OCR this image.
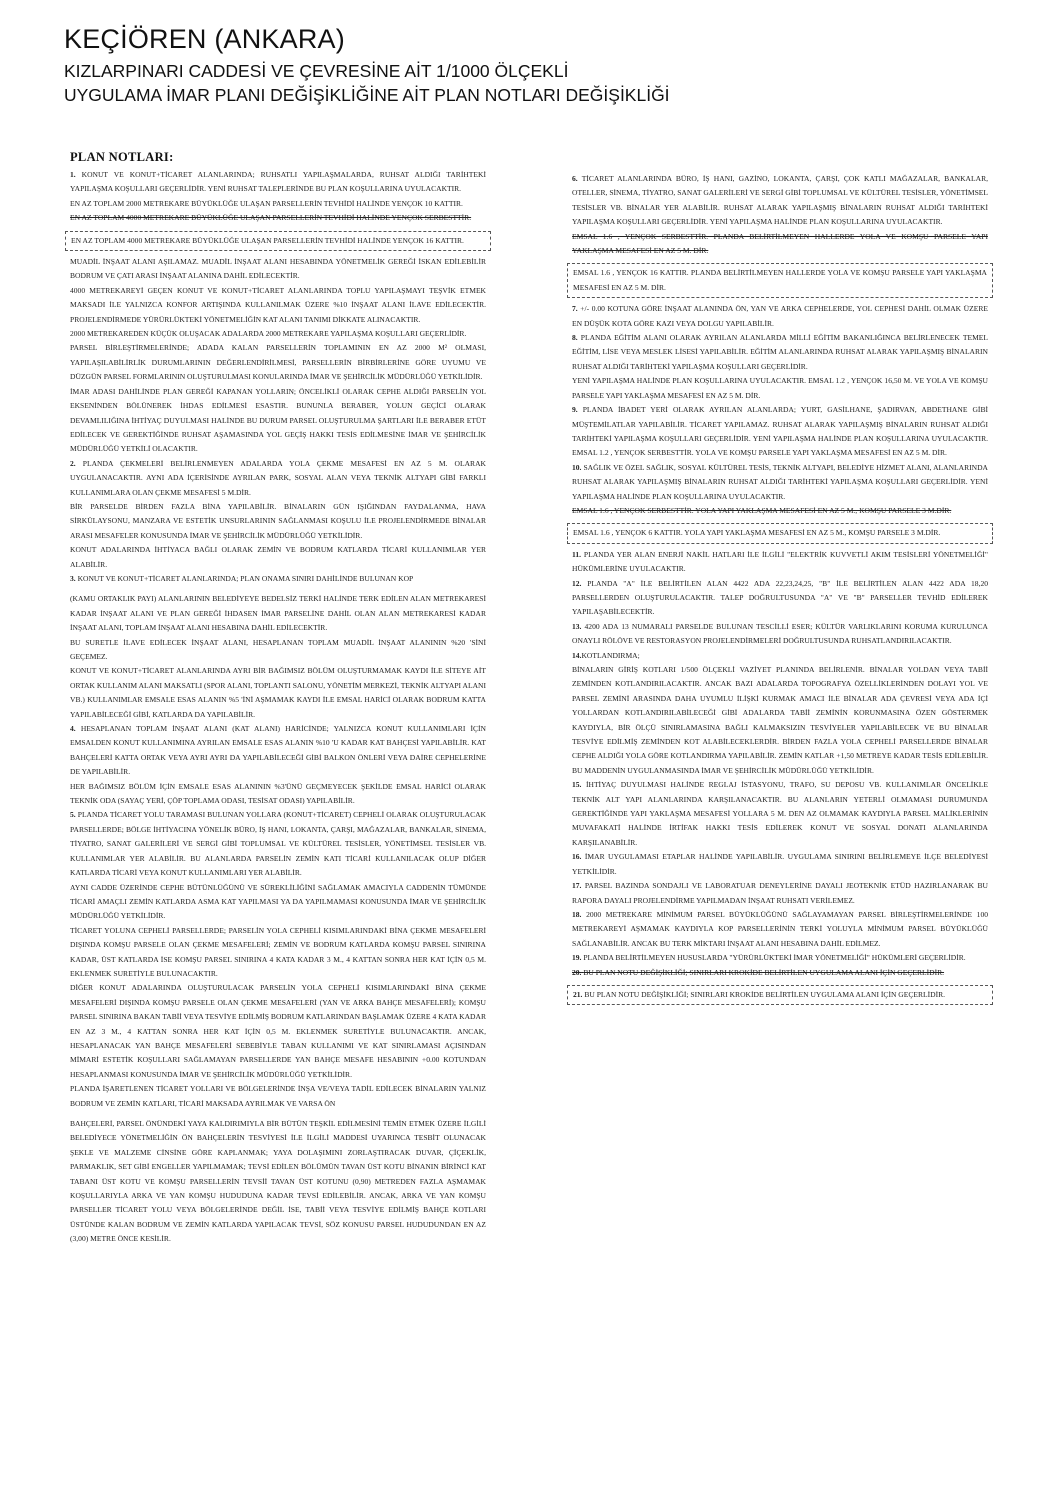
KEÇİÖREN (ANKARA)
KIZLARPINARI CADDESİ VE ÇEVRESİNE AİT 1/1000 ÖLÇEKLİ
UYGULAMA İMAR PLANI DEĞİŞİKLİĞİNE AİT PLAN NOTLARI DEĞİŞİKLİĞİ
PLAN NOTLARI:

1. KONUT VE KONUT+TİCARET ALANLARINDA; RUHSATLI YAPILAŞMALARDA, RUHSAT ALDIĞI TARİHTEKİ YAPILAŞMA KOŞULLARI GEÇERLİDİR. YENİ RUHSAT TALEPLERİNDE BU PLAN KOŞULLARINA UYULACAKTIR.

EN AZ TOPLAM 2000 METREKARE BÜYÜKLÜĞE ULAŞAN PARSELLERİN TEVHİDİ HALİNDE YENÇOK 10 KATTIR.

EN AZ TOPLAM 4000 METREKARE BÜYÜKLÜĞE ULAŞAN PARSELLERİN TEVHİDİ HALİNDE YENÇOK SERBESTTİR.

EN AZ TOPLAM 4000 METREKARE BÜYÜKLÜĞE ULAŞAN PARSELLERİN TEVHİDİ HALİNDE YENÇOK 16 KATTIR.

MUADİL İNŞAAT ALANI AŞILAMAZ. MUADİL İNŞAAT ALANI HESABINDA YÖNETMELİK GEREĞİ İSKAN EDİLEBİLİR BODRUM VE ÇATI ARASI İNŞAAT ALANINA DAHİL EDİLECEKTİR.

4000 METREKAREYİ GEÇEN KONUT VE KONUT+TİCARET ALANLARINDA TOPLU YAPILAŞMAYI TEŞVİK ETMEK MAKSADI İLE YALNIZCA KONFOR ARTIŞINDA KULLANILMAK ÜZERE %10 İNŞAAT ALANI İLAVE EDİLECEKTİR. PROJELENDİRMEDE YÜRÜRLÜKTEKİ YÖNETMELİĞİN KAT ALANI TANIMI DİKKATE ALINACAKTIR.

2000 METREKAREDEN KÜÇÜK OLUŞACAK ADALARDA 2000 METREKARE YAPILAŞMA KOŞULLARI GEÇERLİDİR.

PARSEL BİRLEŞTİRMELERİNDE; ADADA KALAN PARSELLERİN TOPLAMININ EN AZ 2000 M² OLMASI, YAPILAŞILABİLİRLİK DURUMLARININ DEĞERLENDİRİLMESİ, PARSELLERİN BİRBİRLERİNE GÖRE UYUMU VE DÜZGÜN PARSEL FORMLARININ OLUŞTURULMASI KONULARINDA İMAR VE ŞEHİRCİLİK MÜDÜRLÜĞÜ YETKİLİDİR.

İMAR ADASI DAHİLİNDE PLAN GEREĞİ KAPANAN YOLLARIN; ÖNCELİKLİ OLARAK CEPHE ALDIĞI PARSELİN YOL EKSENİNDEN BÖLÜNEREK İHDAS EDİLMESİ ESASTIR. BUNUNLA BERABER, YOLUN GEÇİCİ OLARAK DEVAMLILIĞINA İHTİYAÇ DUYULMASI HALİNDE BU DURUM PARSEL OLUŞTURULMA ŞARTLARI İLE BERABER ETÜT EDİLECEK VE GEREKTİĞİNDE RUHSAT AŞAMASINDA YOL GEÇİŞ HAKKI TESİS EDİLMESİNE İMAR VE ŞEHİRCİLİK MÜDÜRLÜĞÜ YETKİLİ OLACAKTIR.

2. PLANDA ÇEKMELERİ BELİRLENMEYEN ADALARDA YOLA ÇEKME MESAFESİ EN AZ 5 M. OLARAK UYGULANACAKTIR. AYNI ADA İÇERİSİNDE AYRILAN PARK, SOSYAL ALAN VEYA TEKNİK ALTYAPI GİBİ FARKLI KULLANIMLARA OLAN ÇEKME MESAFESİ 5 M.DİR.

BİR PARSELDE BİRDEN FAZLA BİNA YAPILABİLİR. BİNALARIN GÜN IŞIĞINDAN FAYDALANMA, HAVA SİRKÜLAYSONU, MANZARA VE ESTETİK UNSURLARININ SAĞLANMASI KOŞULU İLE PROJELENDİRMEDE BİNALAR ARASI MESAFELER KONUSUNDA İMAR VE ŞEHİRCİLİK MÜDÜRLÜĞÜ YETKİLİDİR.

KONUT ADALARINDA İHTİYACA BAĞLI OLARAK ZEMİN VE BODRUM KATLARDA TİCARİ KULLANIMLAR YER ALABİLİR.

3. KONUT VE KONUT+TİCARET ALANLARINDA; PLAN ONAMA SINIRI DAHİLİNDE BULUNAN KOP

(KAMU ORTAKLIK PAYI) ALANLARININ BELEDİYEYE BEDELSİZ TERKİ HALİNDE TERK EDİLEN ALAN METREKARESİ KADAR İNŞAAT ALANI VE PLAN GEREĞİ İHDASEN İMAR PARSELİNE DAHİL OLAN ALAN METREKARESİ KADAR İNŞAAT ALANI, TOPLAM İNŞAAT ALANI HESABINA DAHİL EDİLECEKTİR.

BU SURETLE İLAVE EDİLECEK İNŞAAT ALANI, HESAPLANAN TOPLAM MUADİL İNŞAAT ALANININ %20 'SİNİ GEÇEMEZ.

KONUT VE KONUT+TİCARET ALANLARINDA AYRI BİR BAĞIMSIZ BÖLÜM OLUŞTURMAMAK KAYDI İLE SİTEYE AİT ORTAK KULLANIM ALANI MAKSATLI (SPOR ALANI, TOPLANTI SALONU, YÖNETİM MERKEZİ, TEKNİK ALTYAPI ALANI VB.) KULLANIMLAR EMSALE ESAS ALANIN %5 'İNİ AŞMAMAK KAYDI İLE EMSAL HARİCİ OLARAK BODRUM KATTA YAPILABİLECEĞİ GİBİ, KATLARDA DA YAPILABİLİR.

4. HESAPLANAN TOPLAM İNŞAAT ALANI (KAT ALANI) HARİCİNDE; YALNIZCA KONUT KULLANIMLARI İÇİN EMSALDEN KONUT KULLANIMINA AYRILAN EMSALE ESAS ALANIN %10 'U KADAR KAT BAHÇESİ YAPILABİLİR. KAT BAHÇELERİ KATTA ORTAK VEYA AYRI AYRI DA YAPILABİLECEĞİ GİBİ BALKON ÖNLERİ VEYA DAİRE CEPHELERİNE DE YAPILABİLİR.

HER BAĞIMSIZ BÖLÜM İÇİN EMSALE ESAS ALANININ %3'ÜNÜ GEÇMEYECEK ŞEKİLDE EMSAL HARİCİ OLARAK TEKNİK ODA (SAYAÇ YERİ, ÇÖP TOPLAMA ODASI, TESİSAT ODASI) YAPILABİLİR.

5. PLANDA TİCARET YOLU TARAMASI BULUNAN YOLLARA (KONUT+TİCARET) CEPHELİ OLARAK OLUŞTURULACAK PARSELLERDE; BÖLGE İHTİYACINA YÖNELİK BÜRO, İŞ HANI, LOKANTA, ÇARŞI, MAĞAZALAR, BANKALAR, SİNEMA, TİYATRO, SANAT GALERİLERİ VE SERGİ GİBİ TOPLUMSAL VE KÜLTÜREL TESİSLER, YÖNETİMSEL TESİSLER VB. KULLANIMLAR YER ALABİLİR. BU ALANLARDA PARSELİN ZEMİN KATI TİCARİ KULLANILACAK OLUP DİĞER KATLARDA TİCARİ VEYA KONUT KULLANIMLARI YER ALABİLİR.

AYNI CADDE ÜZERİNDE CEPHE BÜTÜNLÜĞÜNÜ VE SÜREKLİLİĞİNİ SAĞLAMAK AMACIYLA CADDENİN TÜMÜNDE TİCARİ AMAÇLI ZEMİN KATLARDA ASMA KAT YAPILMASI YA DA YAPILMAMASI KONUSUNDA İMAR VE ŞEHİRCİLİK MÜDÜRLÜĞÜ YETKİLİDİR.

TİCARET YOLUNA CEPHELİ PARSELLERDE; PARSELİN YOLA CEPHELİ KISIMLARINDAKİ BİNA ÇEKME MESAFELERİ DIŞINDA KOMŞU PARSELE OLAN ÇEKME MESAFELERİ; ZEMİN VE BODRUM KATLARDA KOMŞU PARSEL SINIRINA KADAR, ÜST KATLARDA İSE KOMŞU PARSEL SINIRINA 4 KATA KADAR 3 M., 4 KATTAN SONRA HER KAT İÇİN 0,5 M. EKLENMEK SURETİYLE BULUNACAKTIR.

DİĞER KONUT ADALARINDA OLUŞTURULACAK PARSELİN YOLA CEPHELİ KISIMLARINDAKİ BİNA ÇEKME MESAFELERİ DIŞINDA KOMŞU PARSELE OLAN ÇEKME MESAFELERİ (YAN VE ARKA BAHÇE MESAFELERİ); KOMŞU PARSEL SINIRINA BAKAN TABİİ VEYA TESVİYE EDİLMİŞ BODRUM KATLARINDAN BAŞLAMAK ÜZERE 4 KATA KADAR EN AZ 3 M., 4 KATTAN SONRA HER KAT İÇİN 0,5 M. EKLENMEK SURETİYLE BULUNACAKTIR. ANCAK, HESAPLANACAK YAN BAHÇE MESAFELERİ SEBEBİYLE TABAN KULLANIMI VE KAT SINIRLAMASI AÇISINDAN MİMARİ ESTETİK KOŞULLARI SAĞLAMAYAN PARSELLERDE YAN BAHÇE MESAFE HESABININ +0.00 KOTUNDAN HESAPLANMASI KONUSUNDA İMAR VE ŞEHİRCİLİK MÜDÜRLÜĞÜ YETKİLİDİR.

PLANDA İŞARETLENEN TİCARET YOLLARI VE BÖLGELERİNDE İNŞA VE/VEYA TADİL EDİLECEK BİNALARIN YALNIZ BODRUM VE ZEMİN KATLARI, TİCARİ MAKSADA AYRILMAK VE VARSA ÖN

BAHÇELERİ, PARSEL ÖNÜNDEKİ YAYA KALDIRIMIYLA BİR BÜTÜN TEŞKİL EDİLMESİNİ TEMİN ETMEK ÜZERE İLGİLİ BELEDİYECE YÖNETMELİĞİN ÖN BAHÇELERİN TESVİYESİ İLE İLGİLİ MADDESİ UYARINCA TESBİT OLUNACAK ŞEKLE VE MALZEME CİNSİNE GÖRE KAPLANMAK; YAYA DOLAŞIMINI ZORLAŞTIRACAK DUVAR, ÇİÇEKLİK, PARMAKLIK, SET GİBİ ENGELLER YAPILMAMAK; TEVSİ EDİLEN BÖLÜMÜN TAVAN ÜST KOTU BİNANIN BİRİNCİ KAT TABANI ÜST KOTU VE KOMŞU PARSELLERİN TEVSİİ TAVAN ÜST KOTUNU (0,90) METREDEN FAZLA AŞMAMAK KOŞULLARIYLA ARKA VE YAN KOMŞU HUDUDUNA KADAR TEVSİ EDİLEBİLİR. ANCAK, ARKA VE YAN KOMŞU PARSELLER TİCARET YOLU VEYA BÖLGELERİNDE DEĞİL İSE, TABİİ VEYA TESVİYE EDİLMİŞ BAHÇE KOTLARI ÜSTÜNDE KALAN BODRUM VE ZEMİN KATLARDA YAPILACAK TEVSİ, SÖZ KONUSU PARSEL HUDUDUNDAN EN AZ (3,00) METRE ÖNCE KESİLİR.

6. TİCARET ALANLARINDA BÜRO, İŞ HANI, GAZİNO, LOKANTA, ÇARŞI, ÇOK KATLI MAĞAZALAR, BANKALAR, OTELLER, SİNEMA, TİYATRO, SANAT GALERİLERİ VE SERGİ GİBİ TOPLUMSAL VE KÜLTÜREL TESİSLER, YÖNETİMSEL TESİSLER VB. BİNALAR YER ALABİLİR. RUHSAT ALARAK YAPILAŞMIŞ BİNALARIN RUHSAT ALDIĞI TARİHTEKİ YAPILAŞMA KOŞULLARI GEÇERLİDİR. YENİ YAPILAŞMA HALİNDE PLAN KOŞULLARINA UYULACAKTIR.

EMSAL 1.6 , YENÇOK SERBESTTİR. PLANDA BELİRTİLMEYEN HALLERDE YOLA VE KOMŞU PARSELE YAPI YAKLAŞMA MESAFESİ EN AZ 5 M. DİR.

EMSAL 1.6 , YENÇOK 16 KATTIR. PLANDA BELİRTİLMEYEN HALLERDE YOLA VE KOMŞU PARSELE YAPI YAKLAŞMA MESAFESİ EN AZ 5 M. DİR.

7. +/- 0.00 KOTUNA GÖRE İNŞAAT ALANINDA ÖN, YAN VE ARKA CEPHELERDE, YOL CEPHESİ DAHİL OLMAK ÜZERE EN DÜŞÜK KOTA GÖRE KAZI VEYA DOLGU YAPILABİLİR.

8. PLANDA EĞİTİM ALANI OLARAK AYRILAN ALANLARDA MİLLİ EĞİTİM BAKANLIĞINCA BELİRLENECEK TEMEL EĞİTİM, LİSE VEYA MESLEK LİSESİ YAPILABİLİR. EĞİTİM ALANLARINDA RUHSAT ALARAK YAPILAŞMIŞ BİNALARIN RUHSAT ALDIĞI TARİHTEKİ YAPILAŞMA KOŞULLARI GEÇERLİDİR.

YENİ YAPILAŞMA HALİNDE PLAN KOŞULLARINA UYULACAKTIR. EMSAL 1.2 , YENÇOK 16,50 M. VE YOLA VE KOMŞU PARSELE YAPI YAKLAŞMA MESAFESİ EN AZ 5 M. DİR.

9. PLANDA İBADET YERİ OLARAK AYRILAN ALANLARDA; YURT, GASİLHANE, ŞADIRVAN, ABDETHANE GİBİ MÜŞTEMİLATLAR YAPILABİLİR. TİCARET YAPILAMAZ. RUHSAT ALARAK YAPILAŞMIŞ BİNALARIN RUHSAT ALDIĞI TARİHTEKİ YAPILAŞMA KOŞULLARI GEÇERLİDİR. YENİ YAPILAŞMA HALİNDE PLAN KOŞULLARINA UYULACAKTIR. EMSAL 1.2 , YENÇOK SERBESTTİR. YOLA VE KOMŞU PARSELE YAPI YAKLAŞMA MESAFESİ EN AZ 5 M. DİR.

10. SAĞLIK VE ÖZEL SAĞLIK, SOSYAL KÜLTÜREL TESİS, TEKNİK ALTYAPI, BELEDİYE HİZMET ALANI, ALANLARINDA RUHSAT ALARAK YAPILAŞMIŞ BİNALARIN RUHSAT ALDIĞI TARİHTEKİ YAPILAŞMA KOŞULLARI GEÇERLİDİR. YENİ YAPILAŞMA HALİNDE PLAN KOŞULLARINA UYULACAKTIR.

EMSAL 1.6 , YENÇOK SERBESTTİR. YOLA YAPI YAKLAŞMA MESAFESİ EN AZ 5 M., KOMŞU PARSELE 3 M.DİR.

EMSAL 1.6 , YENÇOK 6 KATTIR. YOLA YAPI YAKLAŞMA MESAFESİ EN AZ 5 M., KOMŞU PARSELE 3 M.DİR.

11. PLANDA YER ALAN ENERJİ NAKİL HATLARI İLE İLGİLİ "ELEKTRİK KUVVETLİ AKIM TESİSLERİ YÖNETMELİĞİ" HÜKÜMLERİNE UYULACAKTIR.

12. PLANDA "A" İLE BELİRTİLEN ALAN 4422 ADA 22,23,24,25, "B" İLE BELİRTİLEN ALAN 4422 ADA 18,20 PARSELLERDEN OLUŞTURULACAKTIR. TALEP DOĞRULTUSUNDA "A" VE "B" PARSELLER TEVHİD EDİLEREK YAPILAŞABİLECEKTİR.

13. 4200 ADA 13 NUMARALI PARSELDE BULUNAN TESCİLLİ ESER; KÜLTÜR VARLIKLARINI KORUMA KURULUNCA ONAYLI RÖLÖVE VE RESTORASYON PROJELENDİRMELERİ DOĞRULTUSUNDA RUHSATLANDIRILACAKTIR.

14.KOTLANDIRMA;

BİNALARIN GİRİŞ KOTLARI 1/500 ÖLÇEKLİ VAZİYET PLANINDA BELİRLENİR. BİNALAR YOLDAN VEYA TABİİ ZEMİNDEN KOTLANDIRILACAKTIR. ANCAK BAZI ADALARDA TOPOGRAFYA ÖZELLİKLERİNDEN DOLAYI YOL VE PARSEL ZEMİNİ ARASINDA DAHA UYUMLU İLİŞKİ KURMAK AMACI İLE BİNALAR ADA ÇEVRESİ VEYA ADA İÇİ YOLLARDAN KOTLANDIRILABİLECEĞİ GİBİ ADALARDA TABİİ ZEMİNİN KORUNMASINA ÖZEN GÖSTERMEK KAYDIYLA, BİR ÖLÇÜ SINIRLAMASINA BAĞLI KALMAKSIZIN TESVİYELER YAPILABİLECEK VE BU BİNALAR TESVİYE EDİLMİŞ ZEMİNDEN KOT ALABİLECEKLERDİR. BİRDEN FAZLA YOLA CEPHELİ PARSELLERDE BİNALAR CEPHE ALDIĞI YOLA GÖRE KOTLANDIRMA YAPILABİLİR. ZEMİN KATLAR +1,50 METREYE KADAR TESİS EDİLEBİLİR. BU MADDENİN UYGULANMASINDA İMAR VE ŞEHİRCİLİK MÜDÜRLÜĞÜ YETKİLİDİR.

15. İHTİYAÇ DUYULMASI HALİNDE REGLAJ İSTASYONU, TRAFO, SU DEPOSU VB. KULLANIMLAR ÖNCELİKLE TEKNİK ALT YAPI ALANLARINDA KARŞILANACAKTIR. BU ALANLARIN YETERLİ OLMAMASI DURUMUNDA GEREKTİĞİNDE YAPI YAKLAŞMA MESAFESİ YOLLARA 5 M. DEN AZ OLMAMAK KAYDIYLA PARSEL MALİKLERİNİN MUVAFAKATİ HALİNDE İRTİFAK HAKKI TESİS EDİLEREK KONUT VE SOSYAL DONATI ALANLARINDA KARŞILANABİLİR.

16. İMAR UYGULAMASI ETAPLAR HALİNDE YAPILABİLİR. UYGULAMA SINIRINI BELİRLEMEYE İLÇE BELEDİYESİ YETKİLİDİR.

17. PARSEL BAZINDA SONDAJLI VE LABORATUAR DENEYLERİNE DAYALI JEOTEKNİK ETÜD HAZIRLANARAK BU RAPORA DAYALI PROJELENDİRME YAPILMADAN İNŞAAT RUHSATI VERİLEMEZ.

18. 2000 METREKARE MİNİMUM PARSEL BÜYÜKLÜĞÜNÜ SAĞLAYAMAYAN PARSEL BİRLEŞTİRMELERİNDE 100 METREKAREYİ AŞMAMAK KAYDIYLA KOP PARSELLERİNİN TERKİ YOLUYLA MİNİMUM PARSEL BÜYÜKLÜĞÜ SAĞLANABİLİR. ANCAK BU TERK MİKTARI İNŞAAT ALANI HESABINA DAHİL EDİLMEZ.

19. PLANDA BELİRTİLMEYEN HUSUSLARDA "YÜRÜRLÜKTEKİ İMAR YÖNETMELİĞİ" HÜKÜMLERİ GEÇERLİDİR.

20. BU PLAN NOTU DEĞİŞİKLİĞİ; SINIRLARI KROKİDE BELİRTİLEN UYGULAMA ALANI İÇİN GEÇERLİDİR.

21. BU PLAN NOTU DEĞİŞİKLİĞİ; SINIRLARI KROKİDE BELİRTİLEN UYGULAMA ALANI İÇİN GEÇERLİDİR.
